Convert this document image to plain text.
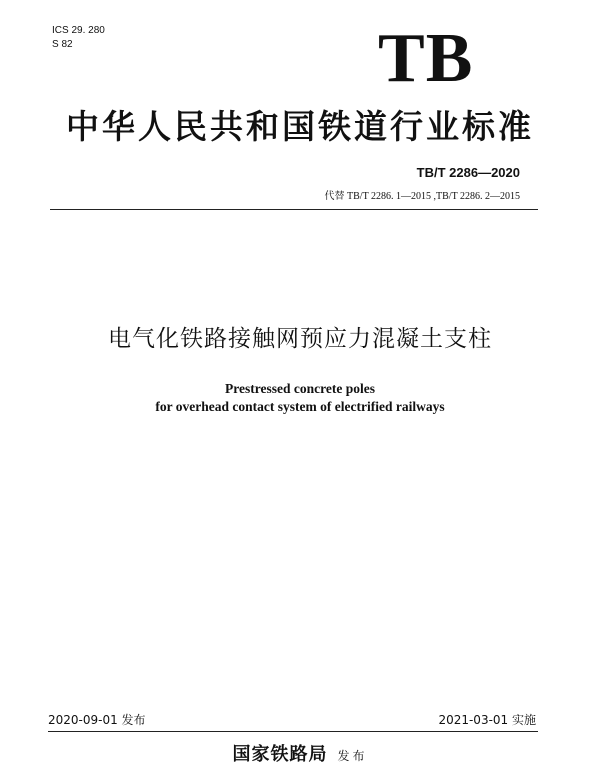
ICS 29. 280
S 82	TB
中华人民共和国铁道行业标准
TB/T 2286—2020
代替 TB/T 2286. 1—2015 ,TB/T 2286. 2—2015
电气化铁路接触网预应力混凝土支柱
Prestressed concrete poles
for overhead contact system of electrified railways
2020-09-01 发布	2021-03-01 实施
国家铁路局 发布
